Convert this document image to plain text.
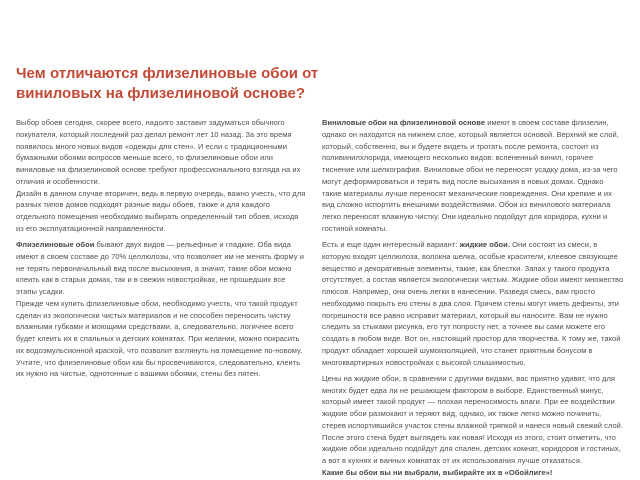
Чем отличаются флизелиновые обои от виниловых на флизелиновой основе?

Выбор обоев сегодня, скорее всего, надолго заставит задуматься обычного покупателя, который последний раз делал ремонт лет 10 назад. За это время появилось много новых видов «одежды для стен». И если с традиционными бумажными обоями вопросов меньше всего, то флизелиновые обои или виниловые на флизелиновой основе требуют профессионального взгляда на их отличия и особенности.

Дизайн в данном случае вторичен, ведь в первую очередь, важно учесть, что для разных типов домов подходят разные виды обоев, также и для каждого отдельного помещения необходимо выбирать определенный тип обоев, исходя из его эксплуатационной направленности.

Флизелиновые обои бывают двух видов — рельефные и гладкие. Оба вида имеют в своем составе до 70% целлюлозы, что позволяет им не менять форму и не терять первоначальный вид после высыхания, а значит, такие обои можно клеить как в старых домах, так и в свежих новостройках, не прошедших все этапы усадки.

Прежде чем купить флизелиновые обои, необходимо учесть, что такой продукт сделан из экологически чистых материалов и не способен переносить чистку влажными губками и моющими средствами, а, следовательно, логичнее всего будет клеить их в спальных и детских комнатах. При желании, можно покрасить их водоэмульсионной краской, что позволит взглянуть на помещение по-новому. Учтите, что флизелиновые обои как бы просвечиваются, следовательно, клеить их нужно на чистые, однотонные с вашими обоями, стены без пятен.

Виниловые обои на флизелиновой основе имеют в своем составе флизелин, однако он находится на нижнем слое, который является основой. Верхний же слой, который, собственно, вы и будете видеть и трогать после ремонта, состоит из поливинилхлорида, имеющего несколько видов: вспененный винил, горячее тиснение или шелкография. Виниловые обои не переносят усадку дома, из-за чего могут деформироваться и терять вид после высыхания в новых домах. Однако такие материалы лучше переносят механические повреждения. Они крепкие и их вид сложно испортить внешними воздействиями. Обои из винилового материала легко переносят влажную чистку. Они идеально подойдут для коридора, кухни и гостиной комнаты.

Есть и еще один интересный вариант: жидкие обои. Они состоят из смеси, в которую входят целлюлоза, волокна шелка, особые красители, клеевое связующее вещество и декоративные элементы, такие, как блестки. Запах у такого продукта отсутствует, а состав является экологически чистым. Жидкие обои имеют множество плюсов. Например, они очень легки в нанесении. Разведя смесь, вам просто необходимо покрыть ею стены в два слоя. Причем стены могут иметь дефекты, эти погрешности все равно исправит материал, который вы наносите. Вам не нужно следить за стыками рисунка, его тут попросту нет, а точнее вы сами можете его создать в любом виде. Вот он, настоящий простор для творчества. К тому же, такой продукт обладает хорошей шумоизоляцией, что станет приятным бонусом в многоквартирных новостройках с высокой слышимостью.

Цены на жидкие обои, в сравнении с другими видами, вас приятно удивят, что для многих будет едва ли не решающем фактором в выборе. Единственный минус, который имеет такой продукт — плохая переносимость влаги. При ее воздействии жидкие обои размокают и теряют вид, однако, их также легко можно починить, стерев испортившийся участок стены влажной тряпкой и нанеся новый свежий слой. После этого стена будет выглядеть как новая! Исходя из этого, стоит отметить, что жидкие обои идеально подойдут для спален, детских комнат, коридоров и гостиных, а вот в кухнях и ванных комнатах от их использования лучше отказаться.

Какие бы обои вы ни выбрали, выбирайте их в «Обойлиге»!
